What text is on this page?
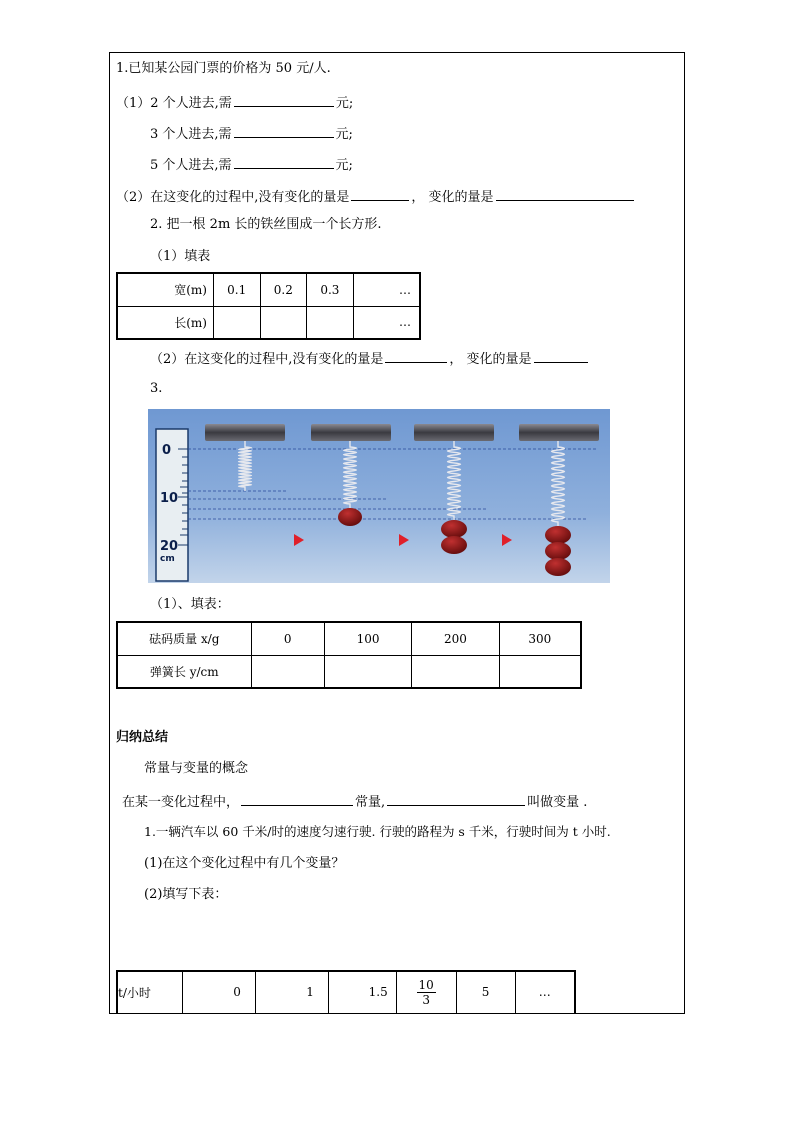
1.已知某公园门票的价格为 50 元/人.
（1）2 个人进去,需	元;
3 个人进去,需	元;
5 个人进去,需	元;
（2）在这变化的过程中,没有变化的量是	， 变化的量是
2. 把一根 2m 长的铁丝围成一个长方形.
（1）填表
宽(m)	0.1	0.2	0.3	…
长(m)				…
（2）在这变化的过程中,没有变化的量是	， 变化的量是
3.
0
10
20
cm
（1）、填表：
砝码质量 x/g	0	100	200	300
弹簧长 y/cm				
归纳总结
常量与变量的概念
在某一变化过程中，	常量,	叫做变量 .
1.一辆汽车以 60 千米/时的速度匀速行驶. 行驶的路程为 s 千米，行驶时间为 t 小时.
(1)在这个变化过程中有几个变量？
(2)填写下表：
t/小时	0	1	1.5	$\frac{10}{3}$	5	…
